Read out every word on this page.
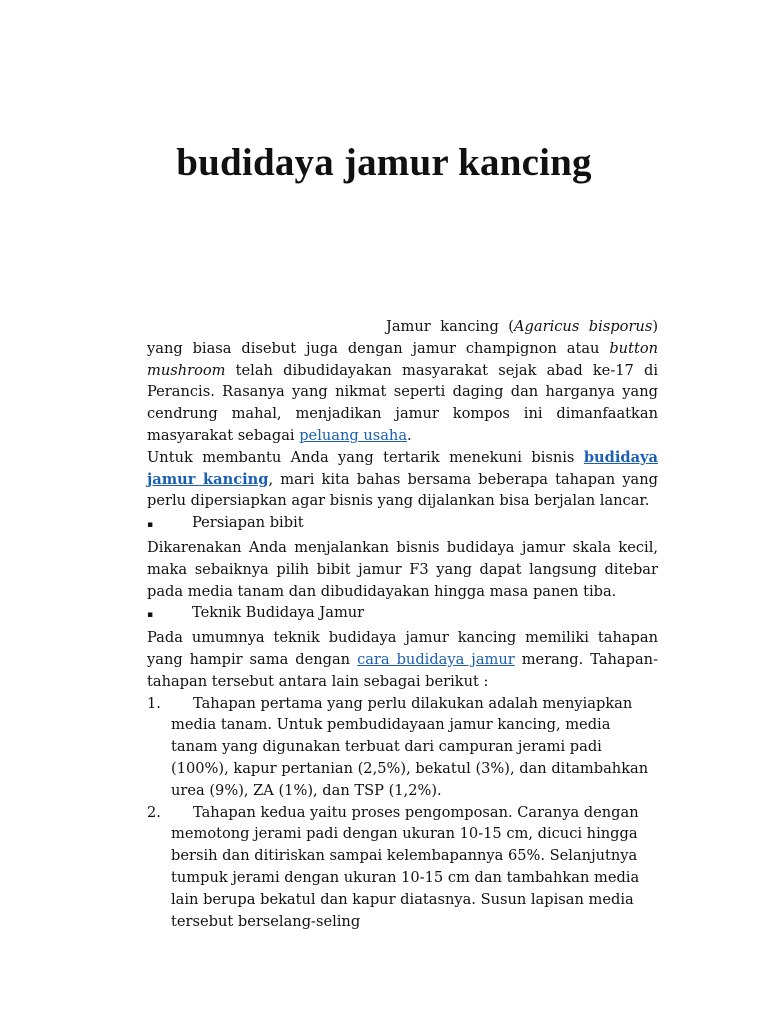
budidaya jamur kancing

Jamur kancing (Agaricus bisporus) yang biasa disebut juga dengan jamur champignon atau button mushroom telah dibudidayakan masyarakat sejak abad ke-17 di Perancis. Rasanya yang nikmat seperti daging dan harganya yang cendrung mahal, menjadikan jamur kompos ini dimanfaatkan masyarakat sebagai peluang usaha.

Untuk membantu Anda yang tertarik menekuni bisnis budidaya jamur kancing, mari kita bahas bersama beberapa tahapan yang perlu dipersiapkan agar bisnis yang dijalankan bisa berjalan lancar.

▪	Persiapan bibit

Dikarenakan Anda menjalankan bisnis budidaya jamur skala kecil, maka sebaiknya pilih bibit jamur F3 yang dapat langsung ditebar pada media tanam dan dibudidayakan hingga masa panen tiba.

▪	Teknik Budidaya Jamur

Pada umumnya teknik budidaya jamur kancing memiliki tahapan yang hampir sama dengan cara budidaya jamur merang. Tahapan-tahapan tersebut antara lain sebagai berikut :

1. Tahapan pertama yang perlu dilakukan adalah menyiapkan media tanam. Untuk pembudidayaan jamur kancing, media tanam yang digunakan terbuat dari campuran jerami padi (100%), kapur pertanian (2,5%), bekatul (3%), dan ditambahkan urea (9%), ZA (1%), dan TSP (1,2%).
2. Tahapan kedua yaitu proses pengomposan. Caranya dengan memotong jerami padi dengan ukuran 10-15 cm, dicuci hingga bersih dan ditiriskan sampai kelembapannya 65%. Selanjutnya tumpuk jerami dengan ukuran 10-15 cm dan tambahkan media lain berupa bekatul dan kapur diatasnya. Susun lapisan media tersebut berselang-seling
